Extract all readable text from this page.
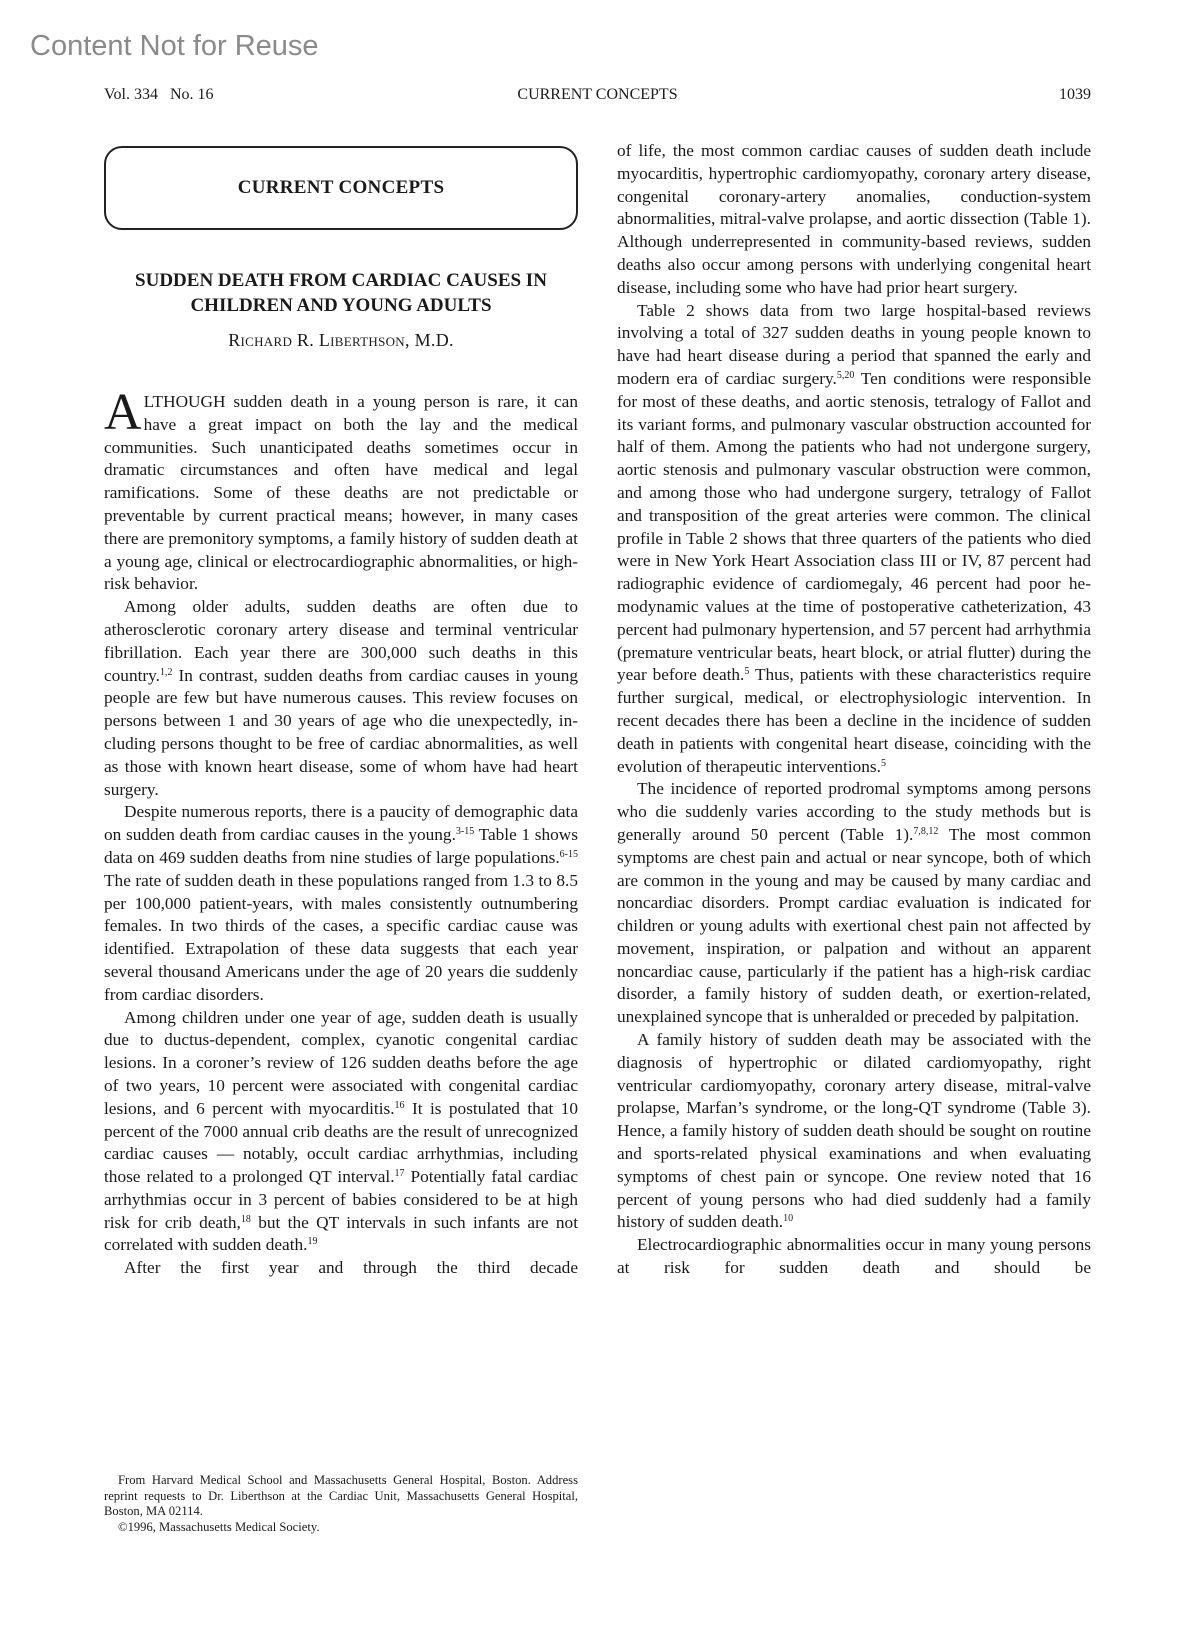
Content Not for Reuse
Vol. 334   No. 16	CURRENT CONCEPTS	1039
CURRENT CONCEPTS
SUDDEN DEATH FROM CARDIAC CAUSES IN
CHILDREN AND YOUNG ADULTS
Richard R. Liberthson, M.D.

ALTHOUGH sudden death in a young person is rare, it can have a great impact on both the lay and the medical communities. Such unanticipated deaths sometimes occur in dramatic circumstances and often have medical and legal ramifications. Some of these deaths are not predictable or preventable by current practical means; however, in many cases there are premonitory symptoms, a family history of sudden death at a young age, clinical or electrocardiographic abnormalities, or high-risk behavior.

Among older adults, sudden deaths are often due to atherosclerotic coronary artery disease and terminal ventricular fibrillation. Each year there are 300,000 such deaths in this country.$^{1,2}$ In contrast, sudden deaths from cardiac causes in young people are few but have numerous causes. This review focuses on persons between 1 and 30 years of age who die unexpectedly, including persons thought to be free of cardiac abnormalities, as well as those with known heart disease, some of whom have had heart surgery.

Despite numerous reports, there is a paucity of demographic data on sudden death from cardiac causes in the young.$^{3-15}$ Table 1 shows data on 469 sudden deaths from nine studies of large populations.$^{6-15}$ The rate of sudden death in these populations ranged from 1.3 to 8.5 per 100,000 patient-years, with males consistently outnumbering females. In two thirds of the cases, a specific cardiac cause was identified. Extrapolation of these data suggests that each year several thousand Americans under the age of 20 years die suddenly from cardiac disorders.

Among children under one year of age, sudden death is usually due to ductus-dependent, complex, cyanotic congenital cardiac lesions. In a coroner’s review of 126 sudden deaths before the age of two years, 10 percent were associated with congenital cardiac lesions, and 6 percent with myocarditis.$^{16}$ It is postulated that 10 percent of the 7000 annual crib deaths are the result of unrecognized cardiac causes — notably, occult cardiac arrhythmias, including those related to a prolonged QT interval.$^{17}$ Potentially fatal cardiac arrhythmias occur in 3 percent of babies considered to be at high risk for crib death,$^{18}$ but the QT intervals in such infants are not correlated with sudden death.$^{19}$

After the first year and through the third decade

of life, the most common cardiac causes of sudden death include myocarditis, hypertrophic cardiomyopathy, coronary artery disease, congenital coronary-artery anomalies, conduction-system abnormalities, mitral-valve prolapse, and aortic dissection (Table 1). Although underrepresented in community-based reviews, sudden deaths also occur among persons with underlying congenital heart disease, including some who have had prior heart surgery.

Table 2 shows data from two large hospital-based reviews involving a total of 327 sudden deaths in young people known to have had heart disease during a period that spanned the early and modern era of cardiac surgery.$^{5,20}$ Ten conditions were responsible for most of these deaths, and aortic stenosis, tetralogy of Fallot and its variant forms, and pulmonary vascular obstruction accounted for half of them. Among the patients who had not undergone surgery, aortic stenosis and pulmonary vascular obstruction were common, and among those who had undergone surgery, tetralogy of Fallot and transposition of the great arteries were common. The clinical profile in Table 2 shows that three quarters of the patients who died were in New York Heart Association class III or IV, 87 percent had radiographic evidence of cardiomegaly, 46 percent had poor hemodynamic values at the time of postoperative catheterization, 43 percent had pulmonary hypertension, and 57 percent had arrhythmia (premature ventricular beats, heart block, or atrial flutter) during the year before death.$^5$ Thus, patients with these characteristics require further surgical, medical, or electrophysiologic intervention. In recent decades there has been a decline in the incidence of sudden death in patients with congenital heart disease, coinciding with the evolution of therapeutic interventions.$^5$

The incidence of reported prodromal symptoms among persons who die suddenly varies according to the study methods but is generally around 50 percent (Table 1).$^{7,8,12}$ The most common symptoms are chest pain and actual or near syncope, both of which are common in the young and may be caused by many cardiac and noncardiac disorders. Prompt cardiac evaluation is indicated for children or young adults with exertional chest pain not affected by movement, inspiration, or palpation and without an apparent noncardiac cause, particularly if the patient has a high-risk cardiac disorder, a family history of sudden death, or exertion-related, unexplained syncope that is unheralded or preceded by palpitation.

A family history of sudden death may be associated with the diagnosis of hypertrophic or dilated cardiomyopathy, right ventricular cardiomyopathy, coronary artery disease, mitral-valve prolapse, Marfan’s syndrome, or the long-QT syndrome (Table 3). Hence, a family history of sudden death should be sought on routine and sports-related physical examinations and when evaluating symptoms of chest pain or syncope. One review noted that 16 percent of young persons who had died suddenly had a family history of sudden death.$^{10}$

Electrocardiographic abnormalities occur in many young persons at risk for sudden death and should be

From Harvard Medical School and Massachusetts General Hospital, Boston. Address reprint requests to Dr. Liberthson at the Cardiac Unit, Massachusetts General Hospital, Boston, MA 02114.

©1996, Massachusetts Medical Society.
